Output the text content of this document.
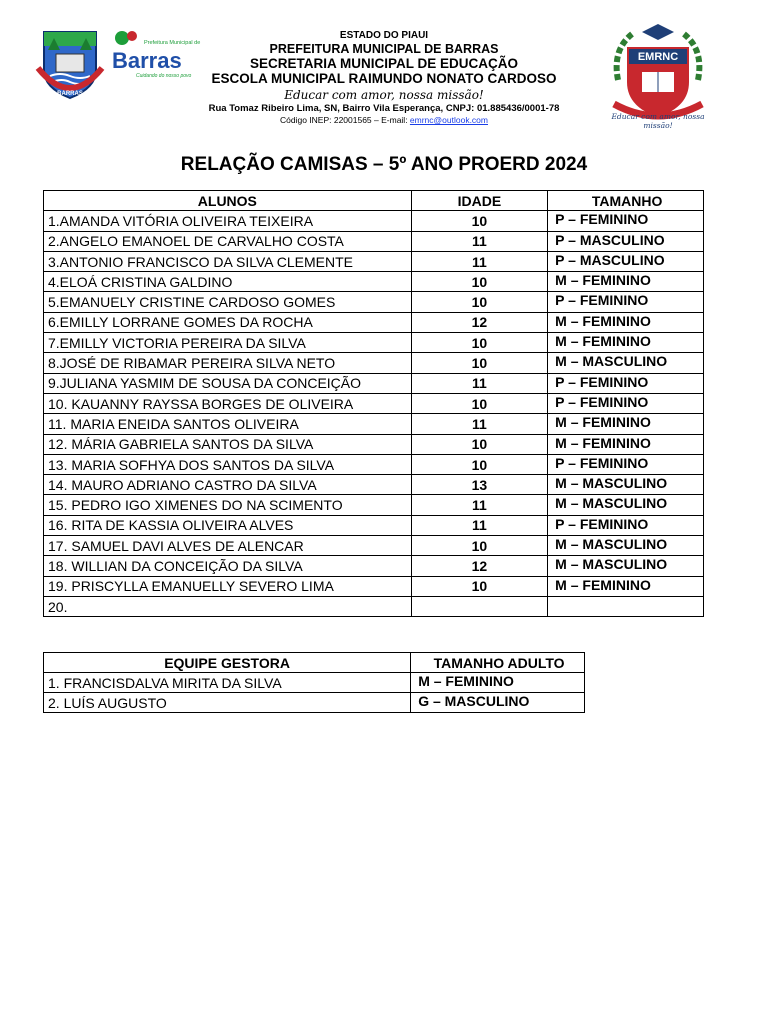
BARRAS
Prefeitura Municipal de
Barras
Cuidando do nosso povo
EMRNC
Educar com amor, nossa missão!
ESTADO DO PIAUI
PREFEITURA MUNICIPAL DE BARRAS
SECRETARIA MUNICIPAL DE EDUCAÇÃO
ESCOLA MUNICIPAL RAIMUNDO NONATO CARDOSO
Educar com amor, nossa missão!
Rua Tomaz Ribeiro Lima, SN, Bairro Vila Esperança, CNPJ: 01.885436/0001-78
Código INEP: 22001565 – E-mail: emrnc@outlook.com
RELAÇÃO CAMISAS – 5º ANO PROERD 2024
ALUNOS	IDADE	TAMANHO
1.AMANDA VITÓRIA OLIVEIRA TEIXEIRA	10	P – FEMININO
2.ANGELO EMANOEL DE CARVALHO COSTA	11	P – MASCULINO
3.ANTONIO FRANCISCO DA SILVA CLEMENTE	11	P – MASCULINO
4.ELOÁ CRISTINA GALDINO	10	M – FEMININO
5.EMANUELY CRISTINE CARDOSO GOMES	10	P – FEMININO
6.EMILLY LORRANE GOMES DA ROCHA	12	M – FEMININO
7.EMILLY VICTORIA PEREIRA DA SILVA	10	M – FEMININO
8.JOSÉ DE RIBAMAR PEREIRA SILVA NETO	10	M – MASCULINO
9.JULIANA YASMIM DE SOUSA DA CONCEIÇÃO	11	P – FEMININO
10. KAUANNY RAYSSA BORGES DE OLIVEIRA	10	P – FEMININO
11. MARIA ENEIDA SANTOS OLIVEIRA	11	M – FEMININO
12. MÁRIA GABRIELA SANTOS DA SILVA	10	M – FEMININO
13. MARIA SOFHYA DOS SANTOS DA SILVA	10	P – FEMININO
14. MAURO ADRIANO CASTRO DA SILVA	13	M – MASCULINO
15. PEDRO IGO XIMENES DO NA SCIMENTO	11	M – MASCULINO
16. RITA DE KASSIA OLIVEIRA ALVES	11	P – FEMININO
17. SAMUEL DAVI ALVES DE ALENCAR	10	M – MASCULINO
18. WILLIAN DA CONCEIÇÃO DA SILVA	12	M – MASCULINO
19. PRISCYLLA EMANUELLY SEVERO LIMA	10	M – FEMININO
20.		
EQUIPE GESTORA	TAMANHO ADULTO
1. FRANCISDALVA MIRITA DA SILVA	M – FEMININO
2. LUÍS AUGUSTO	G – MASCULINO
